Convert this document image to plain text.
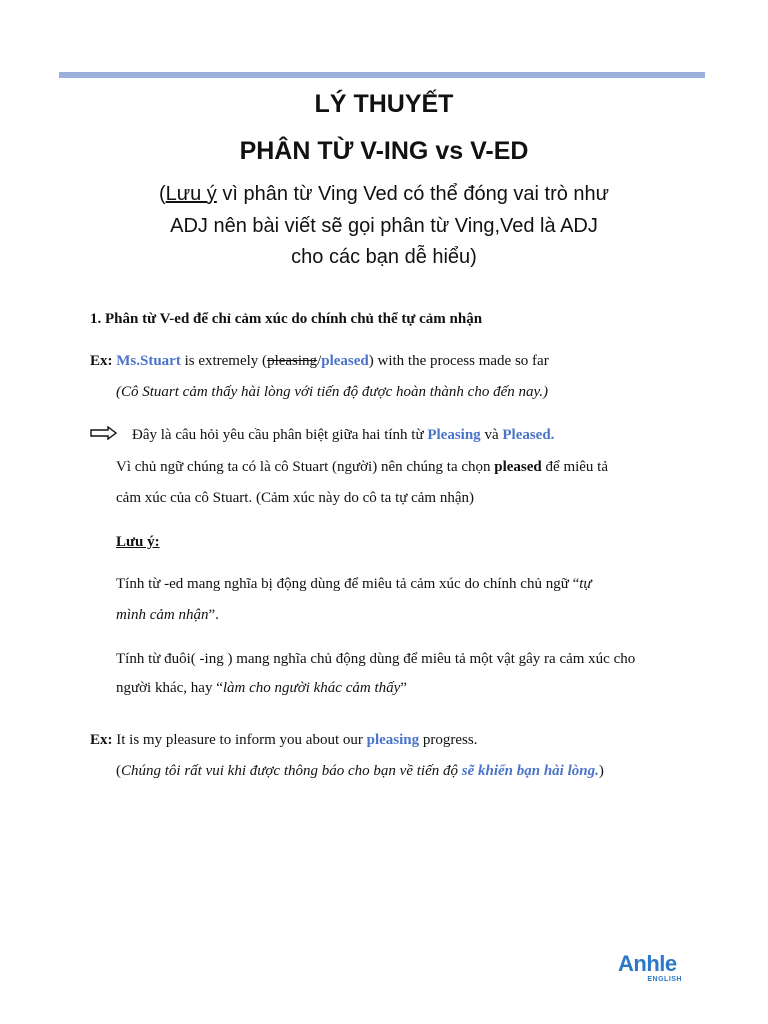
LÝ THUYẾT
PHÂN TỪ V-ING vs V-ED
(Lưu ý vì phân từ Ving Ved có thể đóng vai trò như
ADJ nên bài viết sẽ gọi phân từ Ving,Ved là ADJ
cho các bạn dễ hiểu)
1. Phân từ V-ed để chỉ cảm xúc do chính chủ thể tự cảm nhận
Ex: Ms.Stuart is extremely (pleasing/pleased) with the process made so far
(Cô Stuart cảm thấy hài lòng với tiến độ được hoàn thành cho đến nay.)
Đây là câu hỏi yêu cầu phân biệt giữa hai tính từ Pleasing và Pleased.
Vì chủ ngữ chúng ta có là cô Stuart (người) nên chúng ta chọn pleased để miêu tả
cảm xúc của cô Stuart. (Cảm xúc này do cô ta tự cảm nhận)
Lưu ý:
Tính từ -ed mang nghĩa bị động dùng để miêu tả cảm xúc do chính chủ ngữ “tự
mình cảm nhận”.
Tính từ đuôi( -ing ) mang nghĩa chủ động dùng để miêu tả một vật gây ra cảm xúc cho
người khác, hay “làm cho người khác cảm thấy”
Ex: It is my pleasure to inform you about our pleasing progress.
(Chúng tôi rất vui khi được thông báo cho bạn về tiến độ sẽ khiến bạn hài lòng.)
Anhle
ENGLISH
